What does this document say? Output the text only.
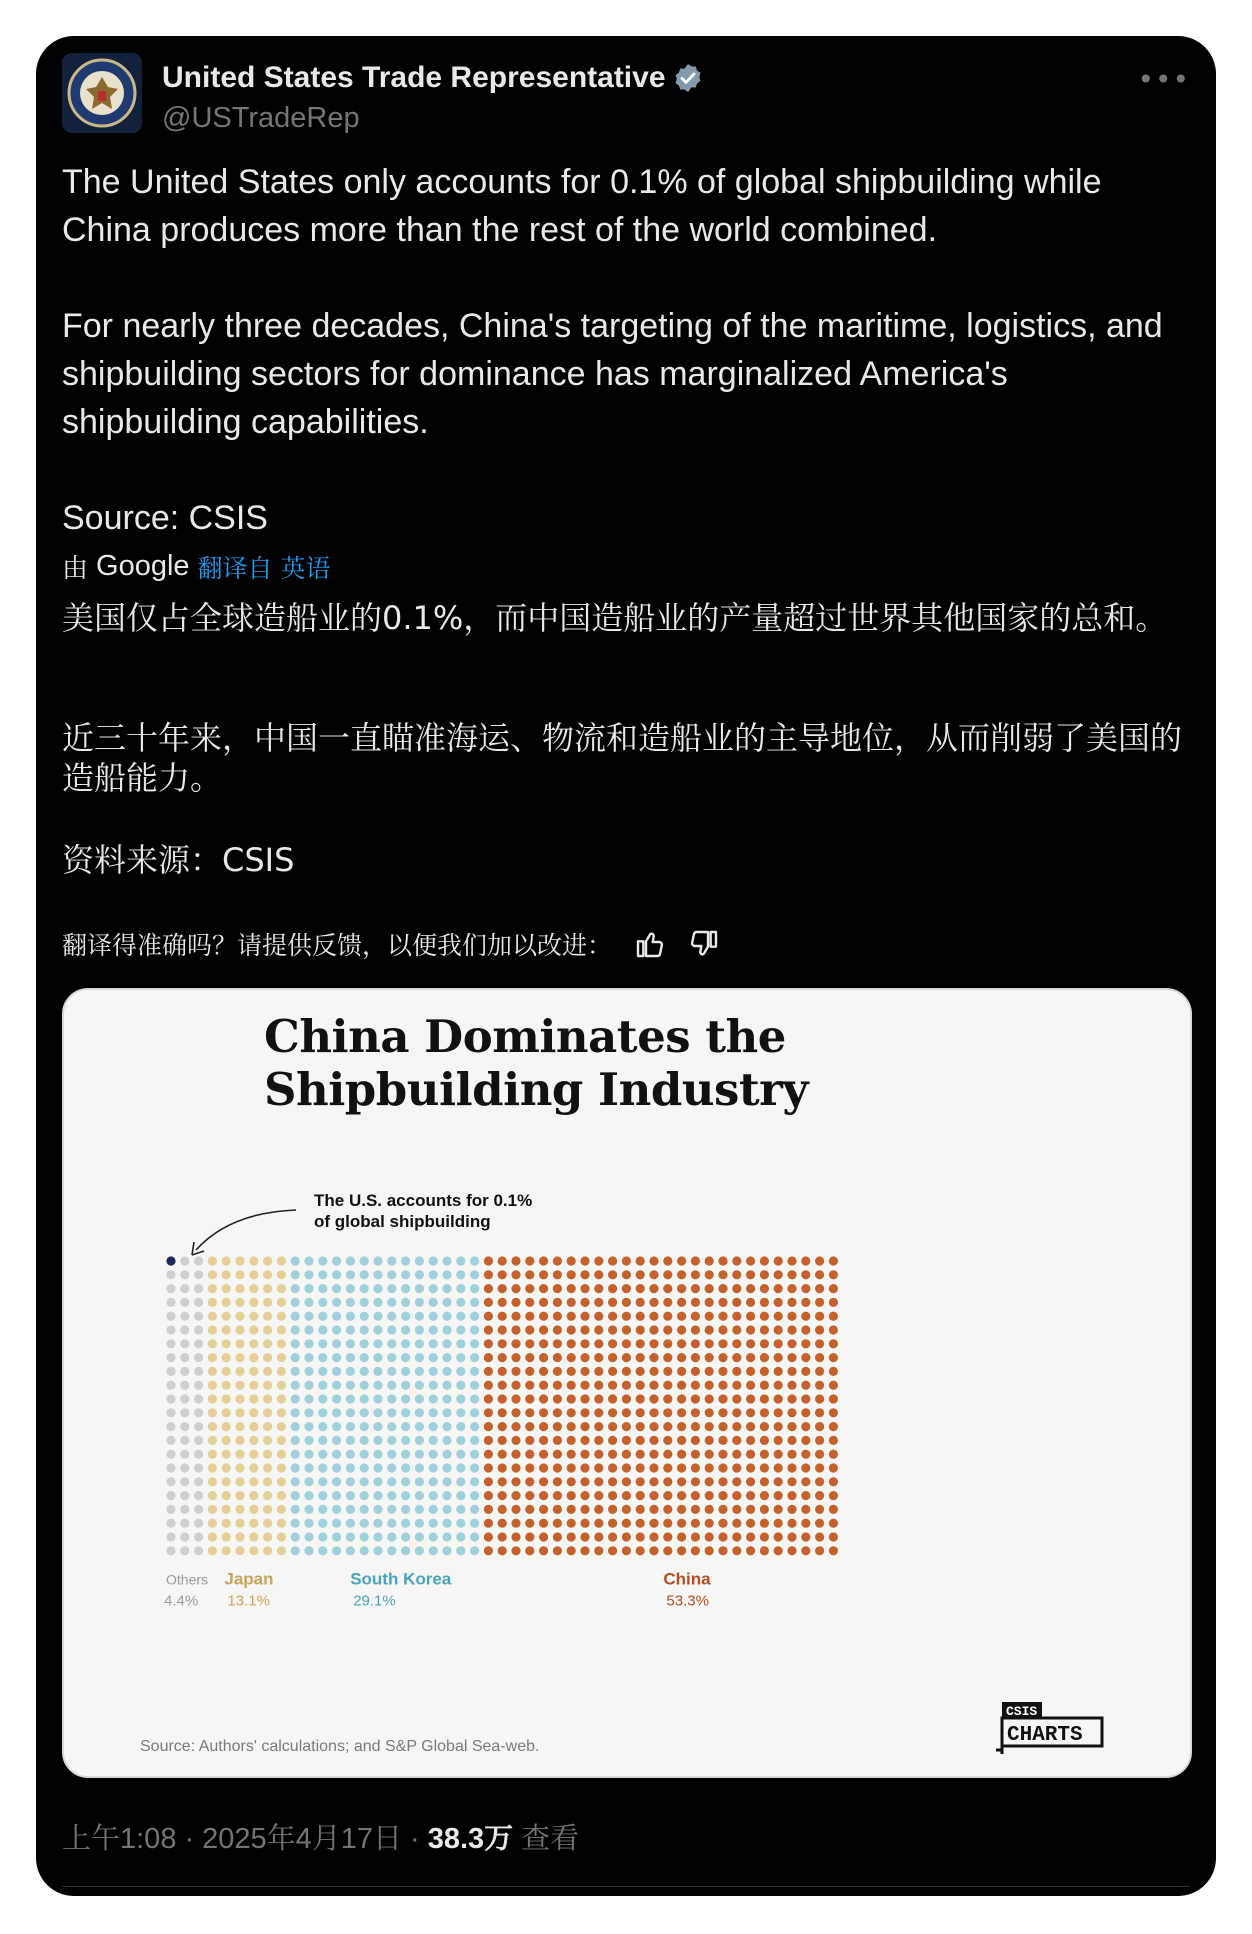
United States Trade Representative
@USTradeRep
•••
The United States only accounts for 0.1% of global shipbuilding while China produces more than the rest of the world combined.
For nearly three decades, China's targeting of the maritime, logistics, and shipbuilding sectors for dominance has marginalized America's shipbuilding capabilities.
Source: CSIS
由 Google 翻译自 英语
美国仅占全球造船业的0.1%，而中国造船业的产量超过世界其他国家的总和。
近三十年来，中国一直瞄准海运、物流和造船业的主导地位，从而削弱了美国的造船能力。
资料来源：CSIS
翻译得准确吗？请提供反馈，以便我们加以改进：
China Dominates the
Shipbuilding Industry
The U.S. accounts for 0.1%
of global shipbuilding
Others
4.4%
Japan
13.1%
South Korea
29.1%
China
53.3%
Source: Authors' calculations; and S&P Global Sea-web.
CSIS
CHARTS
上午1:08 · 2025年4月17日 · 38.3万 查看
